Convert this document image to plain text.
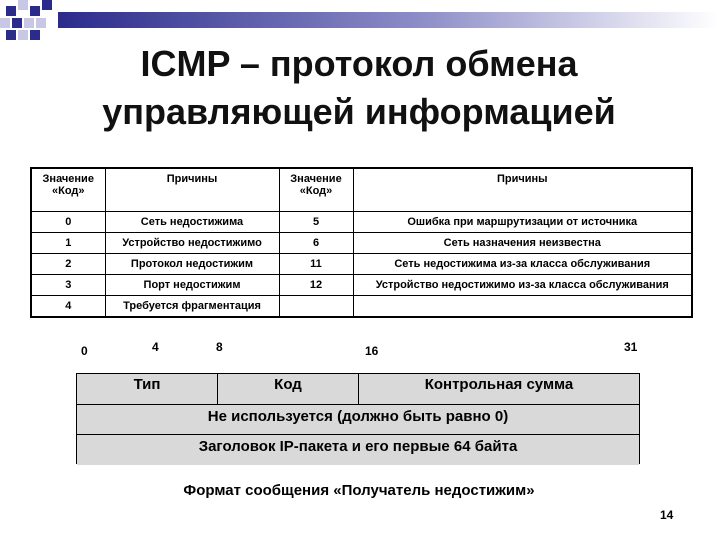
ICMP – протокол обмена
управляющей информацией
Значение «Код»	Причины	Значение «Код»	Причины
0	Сеть недостижима	5	Ошибка при маршрутизации от источника
1	Устройство недостижимо	6	Сеть назначения неизвестна
2	Протокол недостижим	11	Сеть недостижима из-за класса обслуживания
3	Порт недостижим	12	Устройство недостижимо из-за класса обслуживания
4	Требуется фрагментация		
0	4	8	16	31
Тип	Код	Контрольная сумма
Не используется (должно быть равно 0)
Заголовок IP-пакета и его первые 64 байта
Формат сообщения «Получатель недостижим»
14
